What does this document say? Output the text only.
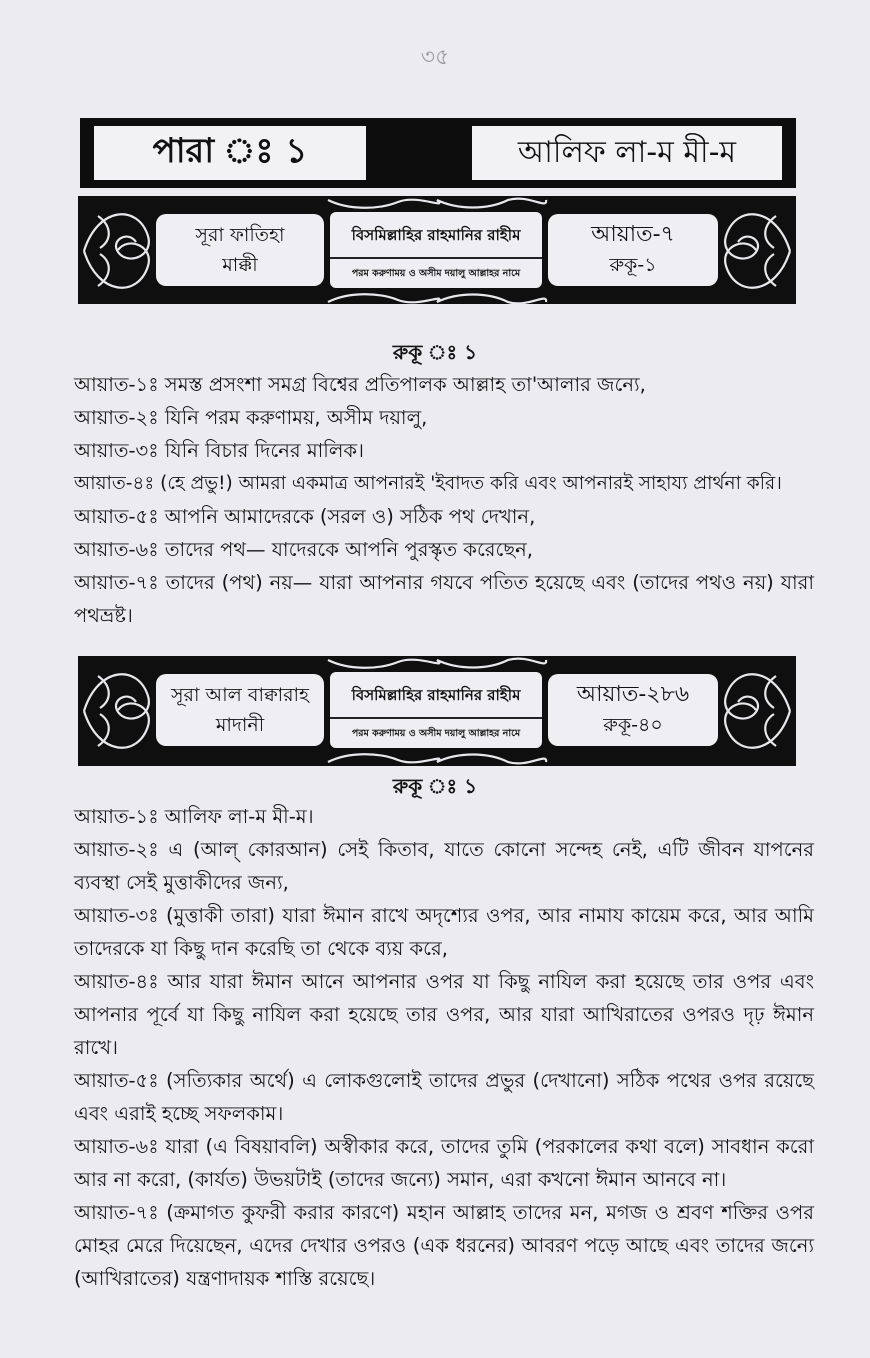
৩৫
পারা ঃ ১	আলিফ লা-ম মী-ম
সূরা ফাতিহা
মাক্কী
বিসমিল্লাহির রাহমানির রাহীম
পরম করুণাময় ও অসীম দয়ালু আল্লাহর নামে
আয়াত-৭
রুকূ-১
রুকূ ঃ ১

আয়াত-১ঃ সমস্ত প্রসংশা সমগ্র বিশ্বের প্রতিপালক আল্লাহ তা'আলার জন্যে,

আয়াত-২ঃ যিনি পরম করুণাময়, অসীম দয়ালু,

আয়াত-৩ঃ যিনি বিচার দিনের মালিক।

আয়াত-৪ঃ (হে প্রভু!) আমরা একমাত্র আপনারই 'ইবাদত করি এবং আপনারই সাহায্য প্রার্থনা করি।

আয়াত-৫ঃ আপনি আমাদেরকে (সরল ও) সঠিক পথ দেখান,

আয়াত-৬ঃ তাদের পথ— যাদেরকে আপনি পুরস্কৃত করেছেন,

আয়াত-৭ঃ তাদের (পথ) নয়— যারা আপনার গযবে পতিত হয়েছে এবং (তাদের পথও নয়) যারা পথভ্রষ্ট।

সূরা আল বাক্বারাহ
মাদানী
বিসমিল্লাহির রাহমানির রাহীম
পরম করুণাময় ও অসীম দয়ালু আল্লাহর নামে
আয়াত-২৮৬
রুকূ-৪০
রুকূ ঃ ১

আয়াত-১ঃ আলিফ লা-ম মী-ম।

আয়াত-২ঃ এ (আল্ কোরআন) সেই কিতাব, যাতে কোনো সন্দেহ নেই, এটি জীবন যাপনের ব্যবস্থা সেই মুত্তাকীদের জন্য,

আয়াত-৩ঃ (মুত্তাকী তারা) যারা ঈমান রাখে অদৃশ্যের ওপর, আর নামায কায়েম করে, আর আমি তাদেরকে যা কিছু দান করেছি তা থেকে ব্যয় করে,

আয়াত-৪ঃ আর যারা ঈমান আনে আপনার ওপর যা কিছু নাযিল করা হয়েছে তার ওপর এবং আপনার পূর্বে যা কিছু নাযিল করা হয়েছে তার ওপর, আর যারা আখিরাতের ওপরও দৃঢ় ঈমান রাখে।

আয়াত-৫ঃ (সত্যিকার অর্থে) এ লোকগুলোই তাদের প্রভুর (দেখানো) সঠিক পথের ওপর রয়েছে এবং এরাই হচ্ছে সফলকাম।

আয়াত-৬ঃ যারা (এ বিষয়াবলি) অস্বীকার করে, তাদের তুমি (পরকালের কথা বলে) সাবধান করো আর না করো, (কার্যত) উভয়টাই (তাদের জন্যে) সমান, এরা কখনো ঈমান আনবে না।

আয়াত-৭ঃ (ক্রমাগত কুফরী করার কারণে) মহান আল্লাহ তাদের মন, মগজ ও শ্রবণ শক্তির ওপর মোহর মেরে দিয়েছেন, এদের দেখার ওপরও (এক ধরনের) আবরণ পড়ে আছে এবং তাদের জন্যে (আখিরাতের) যন্ত্রণাদায়ক শাস্তি রয়েছে।
